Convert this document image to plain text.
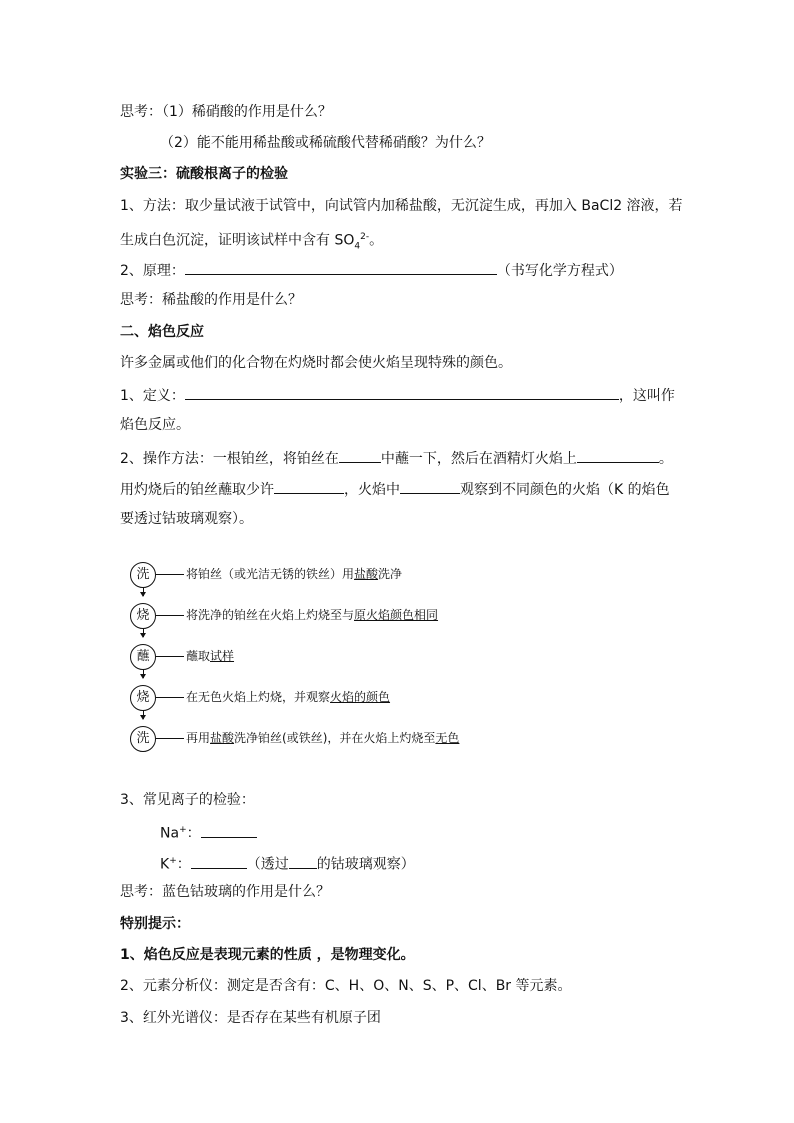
思考：（1）稀硝酸的作用是什么？
（2）能不能用稀盐酸或稀硫酸代替稀硝酸？为什么？
实验三：硫酸根离子的检验
1、方法：取少量试液于试管中，向试管内加稀盐酸，无沉淀生成，再加入 BaCl2 溶液，若
生成白色沉淀，证明该试样中含有 $SO_4^{2-}$。
2、原理：	（书写化学方程式）
思考：稀盐酸的作用是什么？
二、焰色反应
许多金属或他们的化合物在灼烧时都会使火焰呈现特殊的颜色。
1、定义：	，这叫作
焰色反应。
2、操作方法：一根铂丝，将铂丝在	中蘸一下，然后在酒精灯火焰上	。
用灼烧后的铂丝蘸取少许	，火焰中	观察到不同颜色的火焰（K 的焰色
要透过钴玻璃观察）。
洗	将铂丝（或光洁无锈的铁丝）用盐酸洗净
烧	将洗净的铂丝在火焰上灼烧至与原火焰颜色相同
蘸	蘸取试样
烧	在无色火焰上灼烧，并观察火焰的颜色
洗	再用盐酸洗净铂丝(或铁丝)，并在火焰上灼烧至无色
3、常见离子的检验：
Na+：
K+：	（透过 的钴玻璃观察）
思考：蓝色钴玻璃的作用是什么？
特别提示：
1、焰色反应是表现元素的性质 ，是物理变化。
2、元素分析仪：测定是否含有：C、H、O、N、S、P、Cl、Br 等元素。
3、红外光谱仪：是否存在某些有机原子团
